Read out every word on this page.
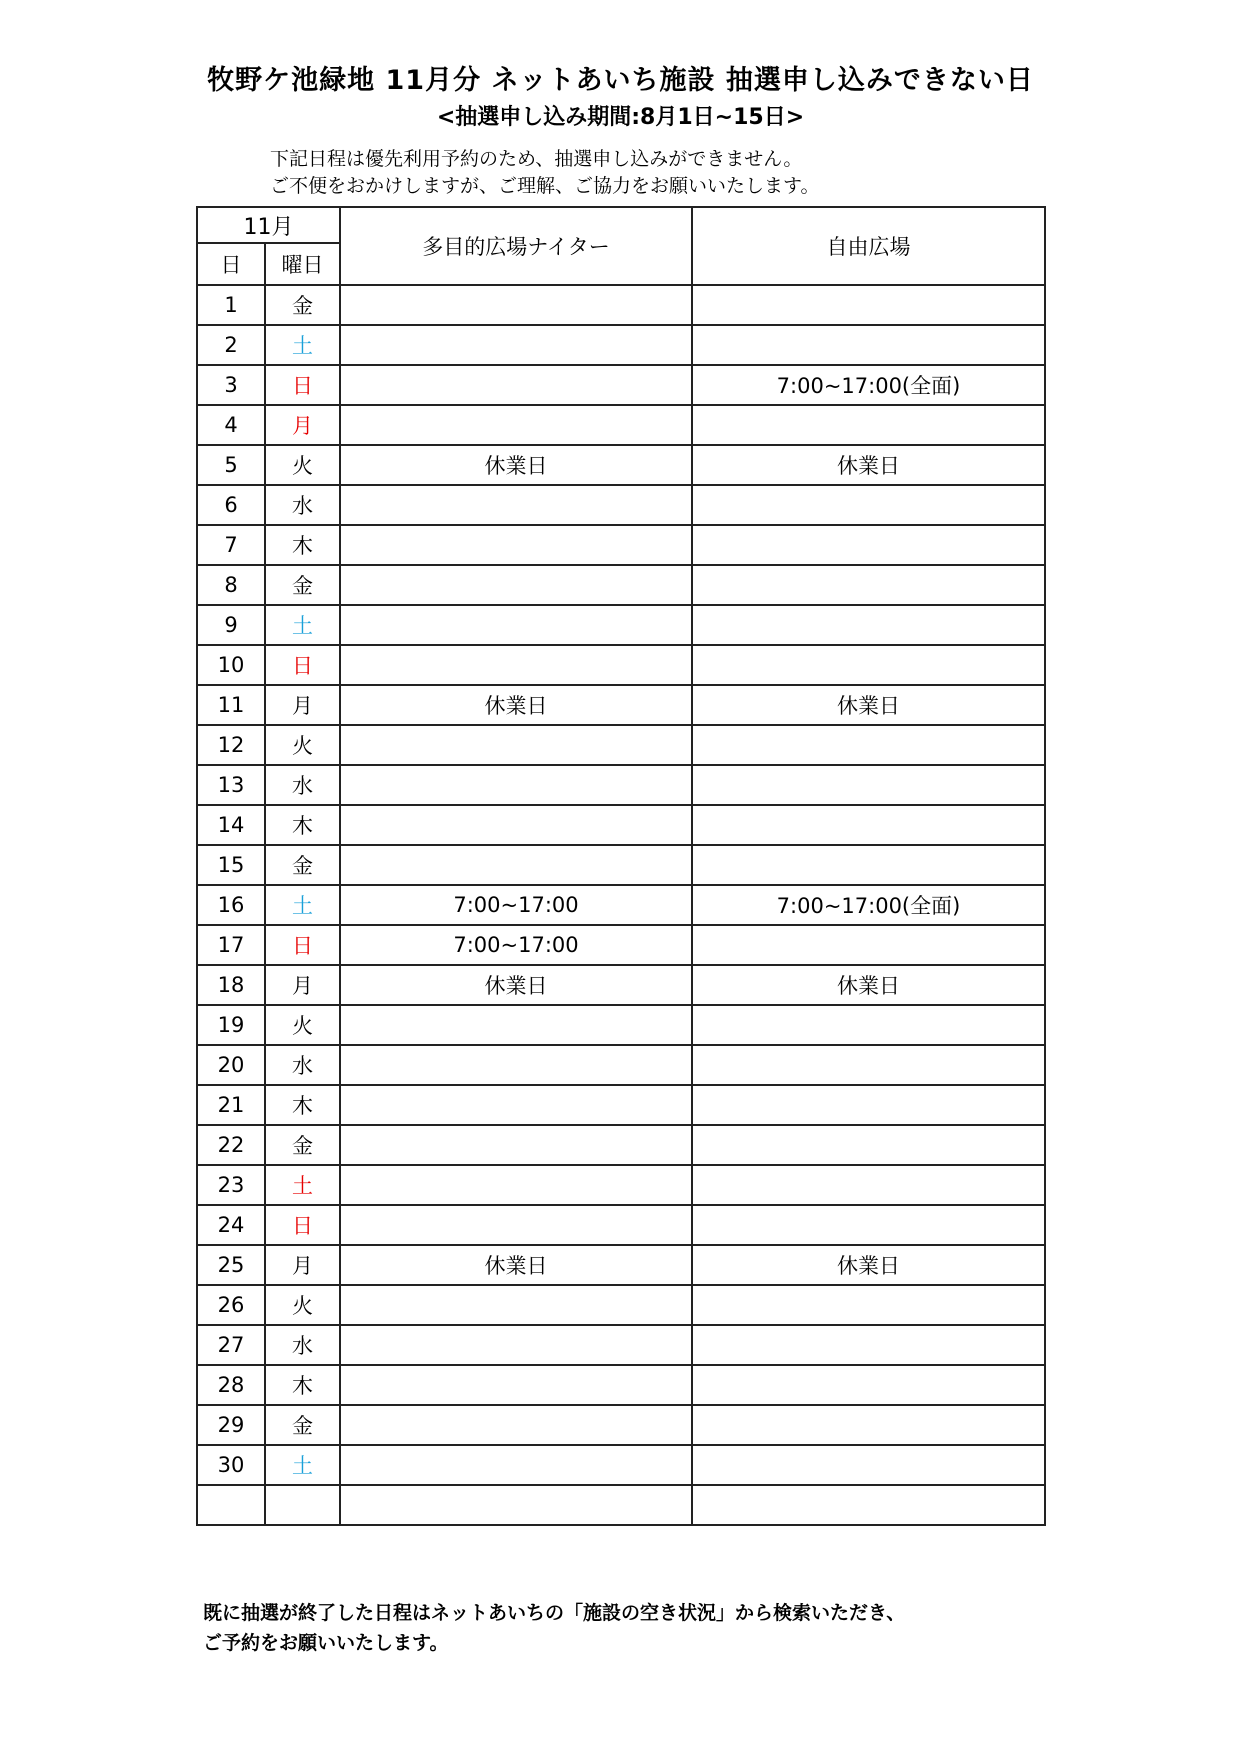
牧野ケ池緑地 11月分 ネットあいち施設 抽選申し込みできない日
<抽選申し込み期間:8月1日~15日>
下記日程は優先利用予約のため、抽選申し込みができません。
ご不便をおかけしますが、ご理解、ご協力をお願いいたします。
11月		多目的広場ナイター	自由広場
日	曜日		
1	金		
2	土		
3	日		7:00~17:00(全面)
4	月		
5	火	休業日	休業日
6	水		
7	木		
8	金		
9	土		
10	日		
11	月	休業日	休業日
12	火		
13	水		
14	木		
15	金		
16	土	7:00~17:00	7:00~17:00(全面)
17	日	7:00~17:00	
18	月	休業日	休業日
19	火		
20	水		
21	木		
22	金		
23	土		
24	日		
25	月	休業日	休業日
26	火		
27	水		
28	木		
29	金		
30	土		

既に抽選が終了した日程はネットあいちの「施設の空き状況」から検索いただき、
ご予約をお願いいたします。
